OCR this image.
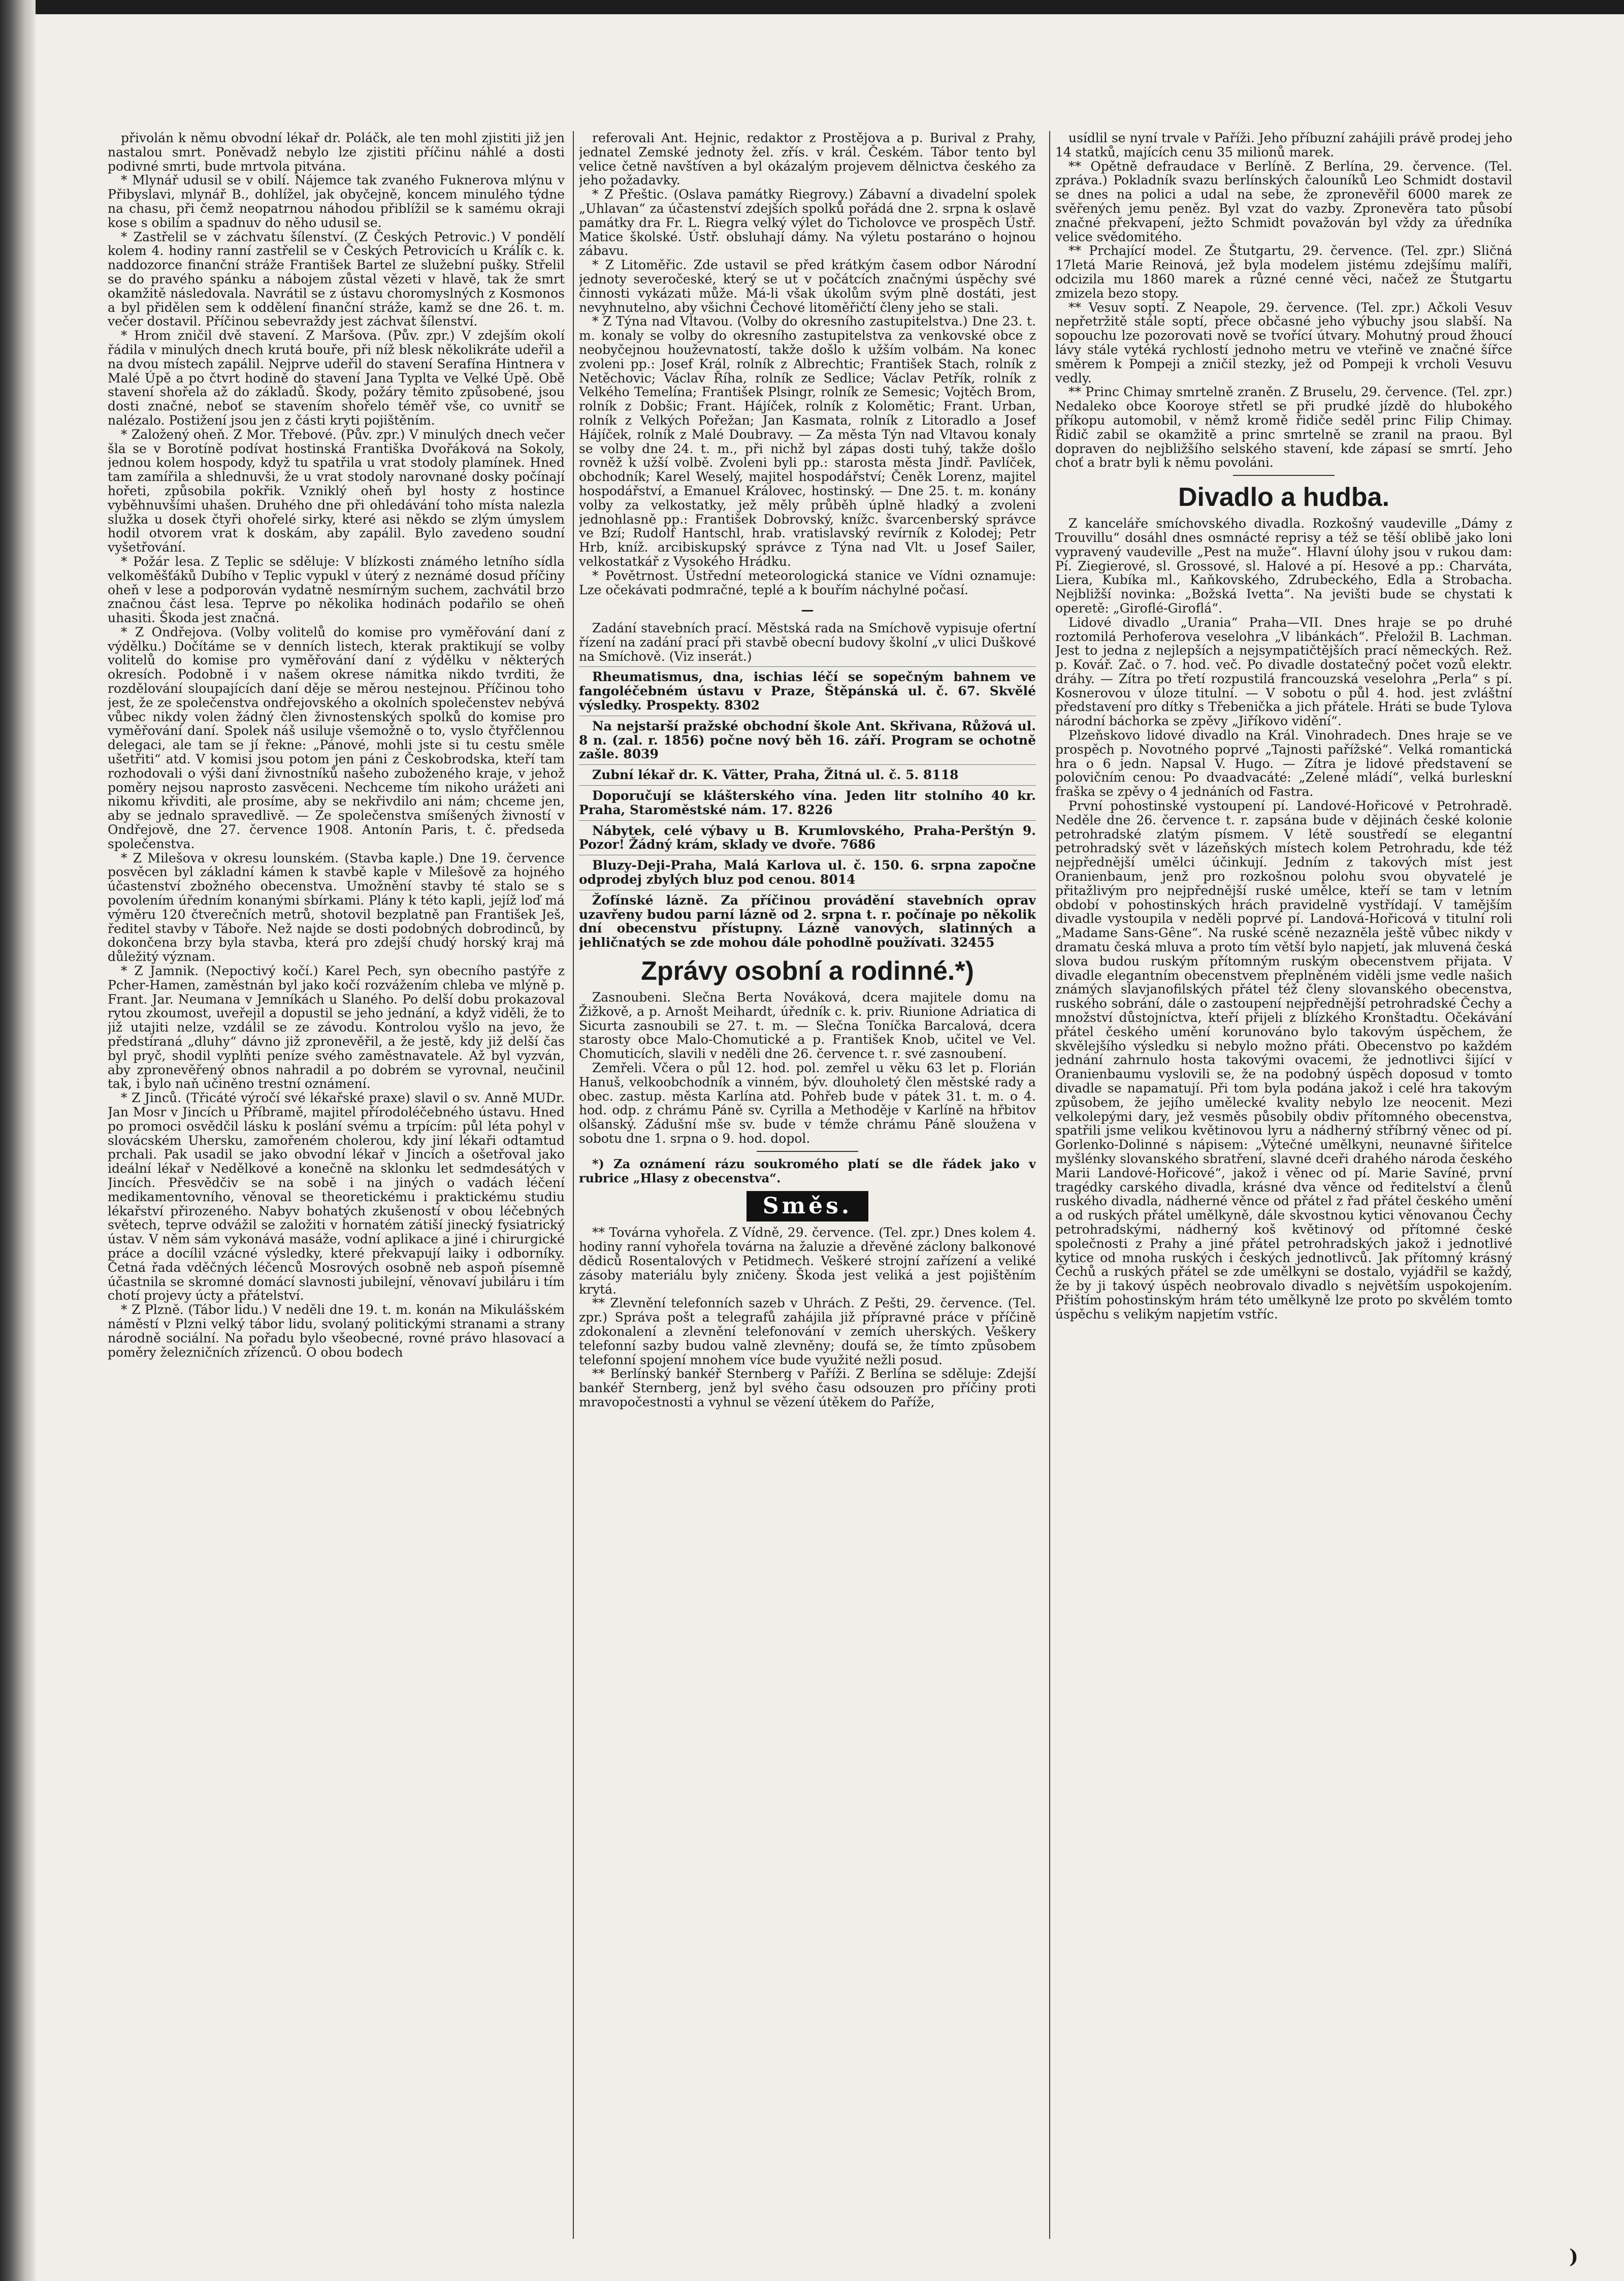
přivolán k němu obvodní lékař dr. Poláčk, ale ten mohl zjistiti již jen nastalou smrt. Poněvadž nebylo lze zjistiti příčinu náhlé a dosti podivné smrti, bude mrtvola pitvána.

* Mlynář udusil se v obilí. Nájemce tak zvaného Fuknerova mlýnu v Přibyslavi, mlynář B., dohlížel, jak obyčejně, koncem minulého týdne na chasu, při čemž neopatrnou náhodou přiblížil se k samému okraji kose s obilím a spadnuv do něho udusil se.

* Zastřelil se v záchvatu šílenství. (Z Českých Petrovic.) V pondělí kolem 4. hodiny ranní zastřelil se v Českých Petrovicích u Králík c. k. naddozorce finanční stráže František Bartel ze služební pušky. Střelil se do pravého spánku a nábojem zůstal vězeti v hlavě, tak že smrt okamžitě následovala. Navrátil se z ústavu choromyslných z Kosmonos a byl přidělen sem k oddělení finanční stráže, kamž se dne 26. t. m. večer dostavil. Příčinou sebevraždy jest záchvat šílenství.

* Hrom zničil dvě stavení. Z Maršova. (Pův. zpr.) V zdejším okolí řádila v minulých dnech krutá bouře, při níž blesk několikráte udeřil a na dvou místech zapálil. Nejprve udeřil do stavení Serafína Hintnera v Malé Úpě a po čtvrt hodině do stavení Jana Typlta ve Velké Úpě. Obě stavení shořela až do základů. Škody, požáry těmito způsobené, jsou dosti značné, neboť se stavením shořelo téměř vše, co uvnitř se nalézalo. Postižení jsou jen z části kryti pojištěním.

* Založený oheň. Z Mor. Třebové. (Pův. zpr.) V minulých dnech večer šla se v Borotíně podívat hostinská Františka Dvořáková na Sokoly, jednou kolem hospody, když tu spatřila u vrat stodoly plamínek. Hned tam zamířila a shlednuvši, že u vrat stodoly narovnané dosky počínají hořeti, způsobila pokřik. Vzniklý oheň byl hosty z hostince vyběhnuvšími uhašen. Druhého dne při ohledávání toho místa nalezla služka u dosek čtyři ohořelé sirky, které asi někdo se zlým úmyslem hodil otvorem vrat k doskám, aby zapálil. Bylo zavedeno soudní vyšetřování.

* Požár lesa. Z Teplic se sděluje: V blízkosti známého letního sídla velkoměšťáků Dubího v Teplic vypukl v úterý z neznámé dosud příčiny oheň v lese a podporován vydatně nesmírným suchem, zachvátil brzo značnou část lesa. Teprve po několika hodinách podařilo se oheň uhasiti. Škoda jest značná.

* Z Ondřejova. (Volby volitelů do komise pro vyměřování daní z výdělku.) Dočítáme se v denních listech, kterak praktikují se volby volitelů do komise pro vyměřování daní z výdělku v některých okresích. Podobně i v našem okrese námitka nikdo tvrditi, že rozdělování sloupajících daní děje se měrou nestejnou. Příčinou toho jest, že ze společenstva ondřejovského a okolních společenstev nebývá vůbec nikdy volen žádný člen živnostenských spolků do komise pro vyměřování daní. Spolek náš usiluje všemožně o to, vyslo čtyřčlennou delegaci, ale tam se jí řekne: „Pánové, mohli jste si tu cestu směle ušetřiti“ atd. V komisi jsou potom jen páni z Českobrodska, kteří tam rozhodovali o výši daní živnostníků našeho zuboženého kraje, v jehož poměry nejsou naprosto zasvěceni. Nechceme tím nikoho urážeti ani nikomu křivditi, ale prosíme, aby se nekřivdilo ani nám; chceme jen, aby se jednalo spravedlivě. — Ze společenstva smíšených živností v Ondřejově, dne 27. července 1908. Antonín Paris, t. č. předseda společenstva.

* Z Milešova v okresu lounském. (Stavba kaple.) Dne 19. července posvěcen byl základní kámen k stavbě kaple v Milešově za hojného účastenství zbožného obecenstva. Umožnění stavby té stalo se s povolením úředním konanými sbírkami. Plány k této kapli, jejíž loď má výměru 120 čtverečních metrů, shotovil bezplatně pan František Ješ, ředitel stavby v Táboře. Než najde se dosti podobných dobrodinců, by dokončena brzy byla stavba, která pro zdejší chudý horský kraj má důležitý význam.

* Z Jamnik. (Nepoctivý kočí.) Karel Pech, syn obecního pastýře z Pcher-Hamen, zaměstnán byl jako kočí rozvážením chleba ve mlýně p. Frant. Jar. Neumana v Jemníkách u Slaného. Po delší dobu prokazoval rytou zkoumost, uveřejil a dopustil se jeho jednání, a když viděli, že to již utajiti nelze, vzdálil se ze závodu. Kontrolou vyšlo na jevo, že předstíraná „dluhy“ dávno již zpronevěřil, a že jestě, kdy již delší čas byl pryč, shodil vyplňti peníze svého zaměstnavatele. Až byl vyzván, aby zpronevěřený obnos nahradil a po dobrém se vyrovnal, neučinil tak, i bylo naň učiněno trestní oznámení.

* Z Jinců. (Třicáté výročí své lékařské praxe) slavil o sv. Anně MUDr. Jan Mosr v Jincích u Příbramě, majitel přírodoléčebného ústavu. Hned po promoci osvědčil lásku k poslání svému a trpícím: půl léta pohyl v slovácském Uhersku, zamořeném cholerou, kdy jiní lékaři odtamtud prchali. Pak usadil se jako obvodní lékař v Jincích a ošetřoval jako ideální lékař v Nedělkové a konečně na sklonku let sedmdesátých v Jincích. Přesvědčiv se na sobě i na jiných o vadách léčení medikamentovního, věnoval se theoretickému i praktickému studiu lékařství přirozeného. Nabyv bohatých zkušeností v obou léčebných světech, teprve odvážil se založiti v hornatém zátiší jinecký fysiatrický ústav. V něm sám vykonává masáže, vodní aplikace a jiné i chirurgické práce a docílil vzácné výsledky, které překvapují laiky i odborníky. Četná řada vděčných léčenců Mosrových osobně neb aspoň písemně účastnila se skromné domácí slavnosti jubilejní, věnovaví jubiláru i tím chotí projevy úcty a přátelství.

* Z Plzně. (Tábor lidu.) V neděli dne 19. t. m. konán na Mikulášském náměstí v Plzni velký tábor lidu, svolaný politickými stranami a strany národně sociální. Na pořadu bylo všeobecné, rovné právo hlasovací a poměry železničních zřízenců. O obou bodech

referovali Ant. Hejnic, redaktor z Prostějova a p. Burival z Prahy, jednatel Zemské jednoty žel. zřís. v král. Českém. Tábor tento byl velice četně navštíven a byl okázalým projevem dělnictva českého za jeho požadavky.

* Z Přeštic. (Oslava památky Riegrovy.) Zábavní a divadelní spolek „Uhlavan“ za účastenství zdejších spolků pořádá dne 2. srpna k oslavě památky dra Fr. L. Riegra velký výlet do Ticholovce ve prospěch Ústř. Matice školské. Ústř. obsluhají dámy. Na výletu postaráno o hojnou zábavu.

* Z Litoměřic. Zde ustavil se před krátkým časem odbor Národní jednoty severočeské, který se ut v počátcích značnými úspěchy své činnosti vykázati může. Má-li však úkolům svým plně dostáti, jest nevyhnutelno, aby všichni Čechové litoměřičtí členy jeho se stali.

* Z Týna nad Vltavou. (Volby do okresního zastupitelstva.) Dne 23. t. m. konaly se volby do okresního zastupitelstva za venkovské obce z neobyčejnou houževnatostí, takže došlo k užším volbám. Na konec zvoleni pp.: Josef Král, rolník z Albrechtic; František Stach, rolník z Netěchovic; Václav Říha, rolník ze Sedlice; Václav Petřík, rolník z Velkého Temelína; František Plsingr, rolník ze Semesic; Vojtěch Brom, rolník z Dobšic; Frant. Hájíček, rolník z Kolomětic; Frant. Urban, rolník z Velkých Pořežan; Jan Kasmata, rolník z Litoradlo a Josef Hájíček, rolník z Malé Doubravy. — Za města Týn nad Vltavou konaly se volby dne 24. t. m., při nichž byl zápas dosti tuhý, takže došlo rovněž k užší volbě. Zvoleni byli pp.: starosta města Jindř. Pavlíček, obchodník; Karel Weselý, majitel hospodářství; Čeněk Lorenz, majitel hospodářství, a Emanuel Královec, hostinský. — Dne 25. t. m. konány volby za velkostatky, jež měly průběh úplně hladký a zvoleni jednohlasně pp.: František Dobrovský, knížc. švarcenberský správce ve Bzí; Rudolf Hantschl, hrab. vratislavský revírník z Kolodej; Petr Hrb, kníž. arcibiskupský správce z Týna nad Vlt. u Josef Sailer, velkostatkář z Vysokého Hrádku.

* Povětrnost. Ústřední meteorologická stanice ve Vídni oznamuje: Lze očekávati podmračné, teplé a k bouřím náchylné počasí.

—

Zadání stavebních prací. Městská rada na Smíchově vypisuje ofertní řízení na zadání prací při stavbě obecní budovy školní „v ulici Duškové na Smíchově. (Viz inserát.)

Rheumatismus, dna, ischias léčí se sopečným bahnem ve fangoléčebném ústavu v Praze, Štěpánská ul. č. 67. Skvělé výsledky. Prospekty. 8302

Na nejstarší pražské obchodní škole Ant. Skřivana, Růžová ul. 8 n. (zal. r. 1856) počne nový běh 16. září. Program se ochotně zašle. 8039

Zubní lékař dr. K. Vätter, Praha, Žitná ul. č. 5. 8118

Doporučují se klášterského vína. Jeden litr stolního 40 kr. Praha, Staroměstské nám. 17. 8226

Nábytek, celé výbavy u B. Krumlovského, Praha-Perštýn 9. Pozor! Žádný krám, sklady ve dvoře. 7686

Bluzy-Deji-Praha, Malá Karlova ul. č. 150. 6. srpna započne odprodej zbylých bluz pod cenou. 8014

Žofínské lázně. Za příčinou provádění stavebních oprav uzavřeny budou parní lázně od 2. srpna t. r. počínaje po několik dní obecenstvu přístupny. Lázně vanových, slatinných a jehličnatých se zde mohou dále pohodlně používati. 32455

Zprávy osobní a rodinné.*)

Zasnoubeni. Slečna Berta Nováková, dcera majitele domu na Žižkově, a p. Arnošt Meihardt, úředník c. k. priv. Riunione Adriatica di Sicurta zasnoubili se 27. t. m. — Slečna Toníčka Barcalová, dcera starosty obce Malo-Chomutické a p. František Knob, učitel ve Vel. Chomuticích, slavili v neděli dne 26. července t. r. své zasnoubení.

Zemřeli. Včera o půl 12. hod. pol. zemřel u věku 63 let p. Florián Hanuš, velkoobchodník a vinném, býv. dlouholetý člen městské rady a obec. zastup. města Karlína atd. Pohřeb bude v pátek 31. t. m. o 4. hod. odp. z chrámu Páně sv. Cyrilla a Methoděje v Karlíně na hřbitov olšanský. Zádušní mše sv. bude v témže chrámu Páně sloužena v sobotu dne 1. srpna o 9. hod. dopol.

*) Za oznámení rázu soukromého platí se dle řádek jako v rubrice „Hlasy z obecenstva“.

Směs.

** Továrna vyhořela. Z Vídně, 29. července. (Tel. zpr.) Dnes kolem 4. hodiny ranní vyhořela továrna na žaluzie a dřevěné záclony balkonové dědiců Rosentalových v Petidmech. Veškeré strojní zařízení a veliké zásoby materiálu byly zničeny. Škoda jest veliká a jest pojištěním krytá.

** Zlevnění telefonních sazeb v Uhrách. Z Pešti, 29. července. (Tel. zpr.) Správa pošt a telegrafů zahájila již přípravné práce v příčině zdokonalení a zlevnění telefonování v zemích uherských. Veškery telefonní sazby budou valně zlevněny; doufá se, že tímto způsobem telefonní spojení mnohem více bude využité nežli posud.

** Berlínský bankéř Sternberg v Paříži. Z Berlína se sděluje: Zdejší bankéř Sternberg, jenž byl svého času odsouzen pro příčiny proti mravopočestnosti a vyhnul se vězení útěkem do Paříže,

usídlil se nyní trvale v Paříži. Jeho příbuzní zahájili právě prodej jeho 14 statků, majících cenu 35 milionů marek.

** Opětně defraudace v Berlíně. Z Berlína, 29. července. (Tel. zpráva.) Pokladník svazu berlínských čalouníků Leo Schmidt dostavil se dnes na polici a udal na sebe, že zpronevěřil 6000 marek ze svěřených jemu peněz. Byl vzat do vazby. Zpronevěra tato působí značné překvapení, ježto Schmidt považován byl vždy za úředníka velice svědomitého.

** Prchající model. Ze Štutgartu, 29. července. (Tel. zpr.) Sličná 17letá Marie Reinová, jež byla modelem jistému zdejšímu malíři, odcizila mu 1860 marek a různé cenné věci, načež ze Štutgartu zmizela bezo stopy.

** Vesuv soptí. Z Neapole, 29. července. (Tel. zpr.) Ačkoli Vesuv nepřetržitě stále soptí, přece občasné jeho výbuchy jsou slabší. Na sopouchu lze pozorovati nově se tvořící útvary. Mohutný proud žhoucí lávy stále vytéká rychlostí jednoho metru ve vteřině ve značné šířce směrem k Pompeji a zničil stezky, jež od Pompeji k vrcholi Vesuvu vedly.

** Princ Chimay smrtelně zraněn. Z Bruselu, 29. července. (Tel. zpr.) Nedaleko obce Kooroye střetl se při prudké jízdě do hlubokého příkopu automobil, v němž kromě řidiče seděl princ Filip Chimay. Řidič zabil se okamžitě a princ smrtelně se zranil na praou. Byl dopraven do nejbližšího selského stavení, kde zápasí se smrtí. Jeho choť a bratr byli k němu povoláni.

Divadlo a hudba.

Z kanceláře smíchovského divadla. Rozkošný vaudeville „Dámy z Trouvillu“ dosáhl dnes osmnácté reprisy a též se těší oblibě jako loni vypravený vaudeville „Pest na muže“. Hlavní úlohy jsou v rukou dam: Pí. Ziegierové, sl. Grossové, sl. Halové a pí. Hesové a pp.: Charváta, Liera, Kubíka ml., Kaňkovského, Zdrubeckého, Edla a Strobacha. Nejbližší novinka: „Božská Ivetta“. Na jevišti bude se chystati k operetě: „Giroflé-Giroflá“.

Lidové divadlo „Urania“ Praha—VII. Dnes hraje se po druhé roztomilá Perhoferova veselohra „V libánkách“. Přeložil B. Lachman. Jest to jedna z nejlepších a nejsympatičtějších prací německých. Rež. p. Kovář. Zač. o 7. hod. več. Po divadle dostatečný počet vozů elektr. dráhy. — Zítra po třetí rozpustilá francouzská veselohra „Perla“ s pí. Kosnerovou v úloze titulní. — V sobotu o půl 4. hod. jest zvláštní představení pro dítky s Třebenička a jich přátele. Hráti se bude Tylova národní báchorka se zpěvy „Jiříkovo vidění“.

Plzeňskovo lidové divadlo na Král. Vinohradech. Dnes hraje se ve prospěch p. Novotného poprvé „Tajnosti pařížské“. Velká romantická hra o 6 jedn. Napsal V. Hugo. — Zítra je lidové představení se polovičním cenou: Po dvaadvacáté: „Zelené mládí“, velká burleskní fraška se zpěvy o 4 jednáních od Fastra.

První pohostinské vystoupení pí. Landové-Hořicové v Petrohradě. Neděle dne 26. července t. r. zapsána bude v dějinách české kolonie petrohradské zlatým písmem. V létě soustředí se elegantní petrohradský svět v lázeňských místech kolem Petrohradu, kde též nejpřednější umělci účinkují. Jedním z takových míst jest Oranienbaum, jenž pro rozkošnou polohu svou obyvatelé je přitažlivým pro nejpřednější ruské umělce, kteří se tam v letním období v pohostinských hrách pravidelně vystřídají. V tamějším divadle vystoupila v neděli poprvé pí. Landová-Hořicová v titulní roli „Madame Sans-Gêne“. Na ruské scéně nezazněla ještě vůbec nikdy v dramatu česká mluva a proto tím větší bylo napjetí, jak mluvená česká slova budou ruským přítomným ruským obecenstvem přijata. V divadle elegantním obecenstvem přeplněném viděli jsme vedle našich známých slavjanofilských přátel též členy slovanského obecenstva, ruského sobrání, dále o zastoupení nejpřednější petrohradské Čechy a množství důstojníctva, kteří přijeli z blízkého Kronštadtu. Očekávání přátel českého umění korunováno bylo takovým úspěchem, že skvělejšího výsledku si nebylo možno přáti. Obecenstvo po každém jednání zahrnulo hosta takovými ovacemi, že jednotlivci šijící v Oranienbaumu vyslovili se, že na podobný úspěch doposud v tomto divadle se napamatují. Při tom byla podána jakož i celé hra takovým způsobem, že jejího umělecké kvality nebylo lze neocenit. Mezi velkolepými dary, jež vesměs působily obdiv přítomného obecenstva, spatřili jsme velikou květinovou lyru a nádherný stříbrný věnec od pí. Gorlenko-Dolinné s nápisem: „Výtečné umělkyni, neunavné šiřitelce myšlénky slovanského sbratření, slavné dceři drahého národa českého Marii Landové-Hořicové“, jakož i věnec od pí. Marie Savíné, první tragédky carského divadla, krásné dva věnce od ředitelství a členů ruského divadla, nádherné věnce od přátel z řad přátel českého umění a od ruských přátel umělkyně, dále skvostnou kytici věnovanou Čechy petrohradskými, nádherný koš květinový od přítomné české společnosti z Prahy a jiné přátel petrohradských jakož i jednotlivé kytice od mnoha ruských i českých jednotlivců. Jak přítomný krásný Čechů a ruských přátel se zde umělkyni se dostalo, vyjádřil se každý, že by ji takový úspěch neobrovalo divadlo s největším uspokojením. Přištím pohostinským hrám této umělkyně lze proto po skvělém tomto úspěchu s velikým napjetím vstříc.

)
